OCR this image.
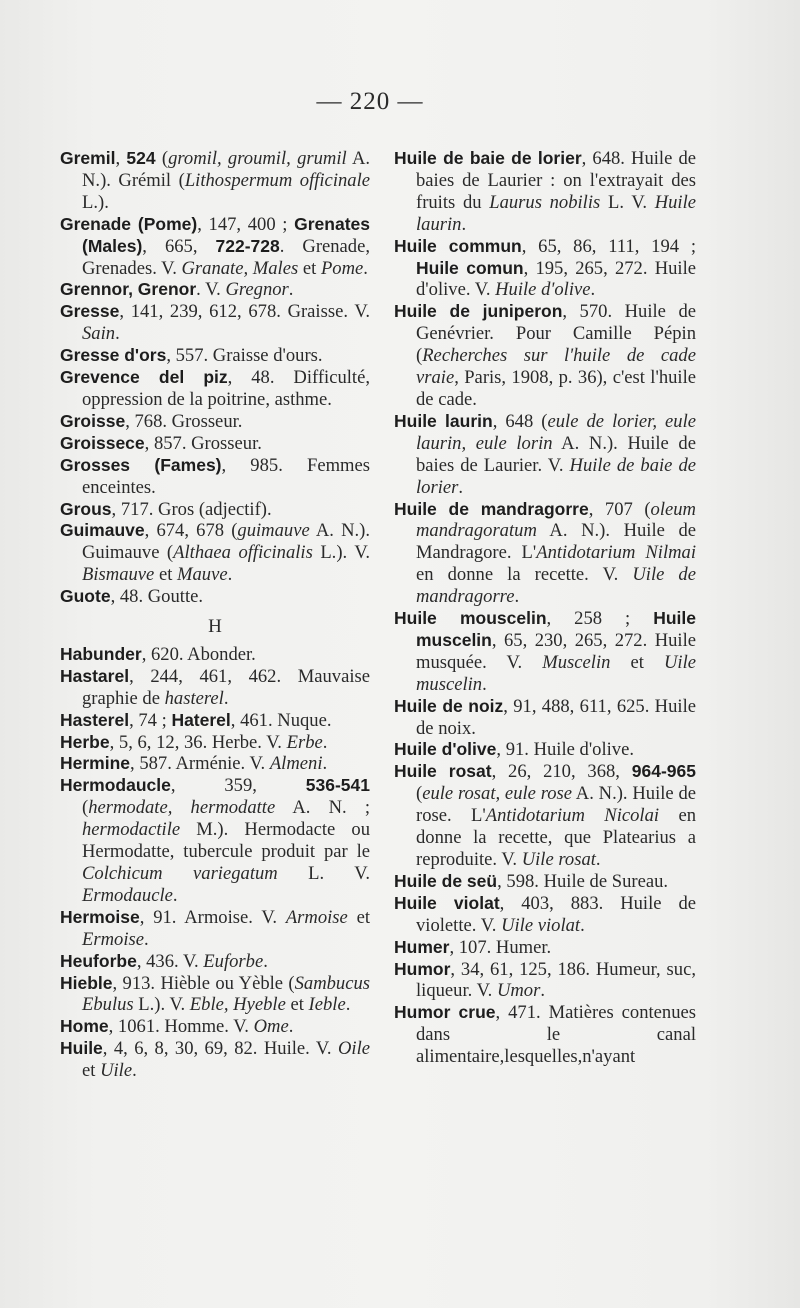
— 220 —
Gremil, 524 (gromil, groumil, grumil A. N.). Grémil (Lithospermum officinale L.).
Grenade (Pome), 147, 400 ; Grenates (Males), 665, 722-728. Grenade, Grenades. V. Granate, Males et Pome.
Grennor, Grenor. V. Gregnor.
Gresse, 141, 239, 612, 678. Graisse. V. Sain.
Gresse d'ors, 557. Graisse d'ours.
Grevence del piz, 48. Difficulté, oppression de la poitrine, asthme.
Groisse, 768. Grosseur.
Groissece, 857. Grosseur.
Grosses (Fames), 985. Femmes enceintes.
Grous, 717. Gros (adjectif).
Guimauve, 674, 678 (guimauve A. N.). Guimauve (Althaea officinalis L.). V. Bismauve et Mauve.
Guote, 48. Goutte.
H
Habunder, 620. Abonder.
Hastarel, 244, 461, 462. Mauvaise graphie de hasterel.
Hasterel, 74 ; Haterel, 461. Nuque.
Herbe, 5, 6, 12, 36. Herbe. V. Erbe.
Hermine, 587. Arménie. V. Almeni.
Hermodaucle, 359, 536-541 (hermodate, hermodatte A. N. ; hermodactile M.). Hermodacte ou Hermodatte, tubercule produit par le Colchicum variegatum L. V. Ermodaucle.
Hermoise, 91. Armoise. V. Armoise et Ermoise.
Heuforbe, 436. V. Euforbe.
Hieble, 913. Hièble ou Yèble (Sambucus Ebulus L.). V. Eble, Hyeble et Ieble.
Home, 1061. Homme. V. Ome.
Huile, 4, 6, 8, 30, 69, 82. Huile. V. Oile et Uile.
Huile de baie de lorier, 648. Huile de baies de Laurier : on l'extrayait des fruits du Laurus nobilis L. V. Huile laurin.
Huile commun, 65, 86, 111, 194 ; Huile comun, 195, 265, 272. Huile d'olive. V. Huile d'olive.
Huile de juniperon, 570. Huile de Genévrier. Pour Camille Pépin (Recherches sur l'huile de cade vraie, Paris, 1908, p. 36), c'est l'huile de cade.
Huile laurin, 648 (eule de lorier, eule laurin, eule lorin A. N.). Huile de baies de Laurier. V. Huile de baie de lorier.
Huile de mandragorre, 707 (oleum mandragoratum A. N.). Huile de Mandragore. L'Antidotarium Nilmai en donne la recette. V. Uile de mandragorre.
Huile mouscelin, 258 ; Huile muscelin, 65, 230, 265, 272. Huile musquée. V. Muscelin et Uile muscelin.
Huile de noiz, 91, 488, 611, 625. Huile de noix.
Huile d'olive, 91. Huile d'olive.
Huile rosat, 26, 210, 368, 964-965 (eule rosat, eule rose A. N.). Huile de rose. L'Antidotarium Nicolai en donne la recette, que Platearius a reproduite. V. Uile rosat.
Huile de seü, 598. Huile de Sureau.
Huile violat, 403, 883. Huile de violette. V. Uile violat.
Humer, 107. Humer.
Humor, 34, 61, 125, 186. Humeur, suc, liqueur. V. Umor.
Humor crue, 471. Matières contenues dans le canal alimentaire,lesquelles,n'ayant
